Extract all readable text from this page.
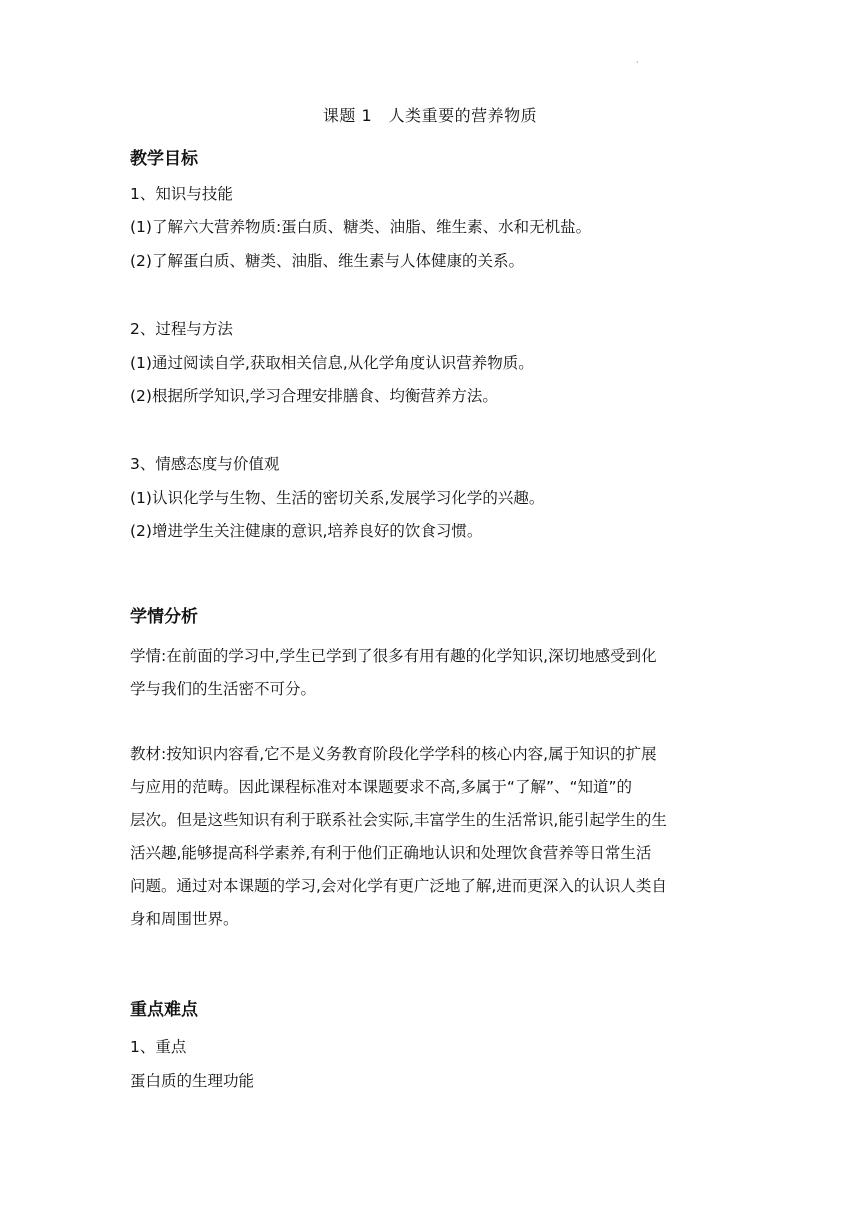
·
课题 1　人类重要的营养物质
教学目标
1、知识与技能
(1)了解六大营养物质:蛋白质、糖类、油脂、维生素、水和无机盐。
(2)了解蛋白质、糖类、油脂、维生素与人体健康的关系。
2、过程与方法
(1)通过阅读自学,获取相关信息,从化学角度认识营养物质。
(2)根据所学知识,学习合理安排膳食、均衡营养方法。
3、情感态度与价值观
(1)认识化学与生物、生活的密切关系,发展学习化学的兴趣。
(2)增进学生关注健康的意识,培养良好的饮食习惯。
学情分析
学情:在前面的学习中,学生已学到了很多有用有趣的化学知识,深切地感受到化
学与我们的生活密不可分。
教材:按知识内容看,它不是义务教育阶段化学学科的核心内容,属于知识的扩展
与应用的范畴。因此课程标准对本课题要求不高,多属于“了解”、“知道”的
层次。但是这些知识有利于联系社会实际,丰富学生的生活常识,能引起学生的生
活兴趣,能够提高科学素养,有利于他们正确地认识和处理饮食营养等日常生活
问题。通过对本课题的学习,会对化学有更广泛地了解,进而更深入的认识人类自
身和周围世界。
重点难点
1、重点
蛋白质的生理功能
